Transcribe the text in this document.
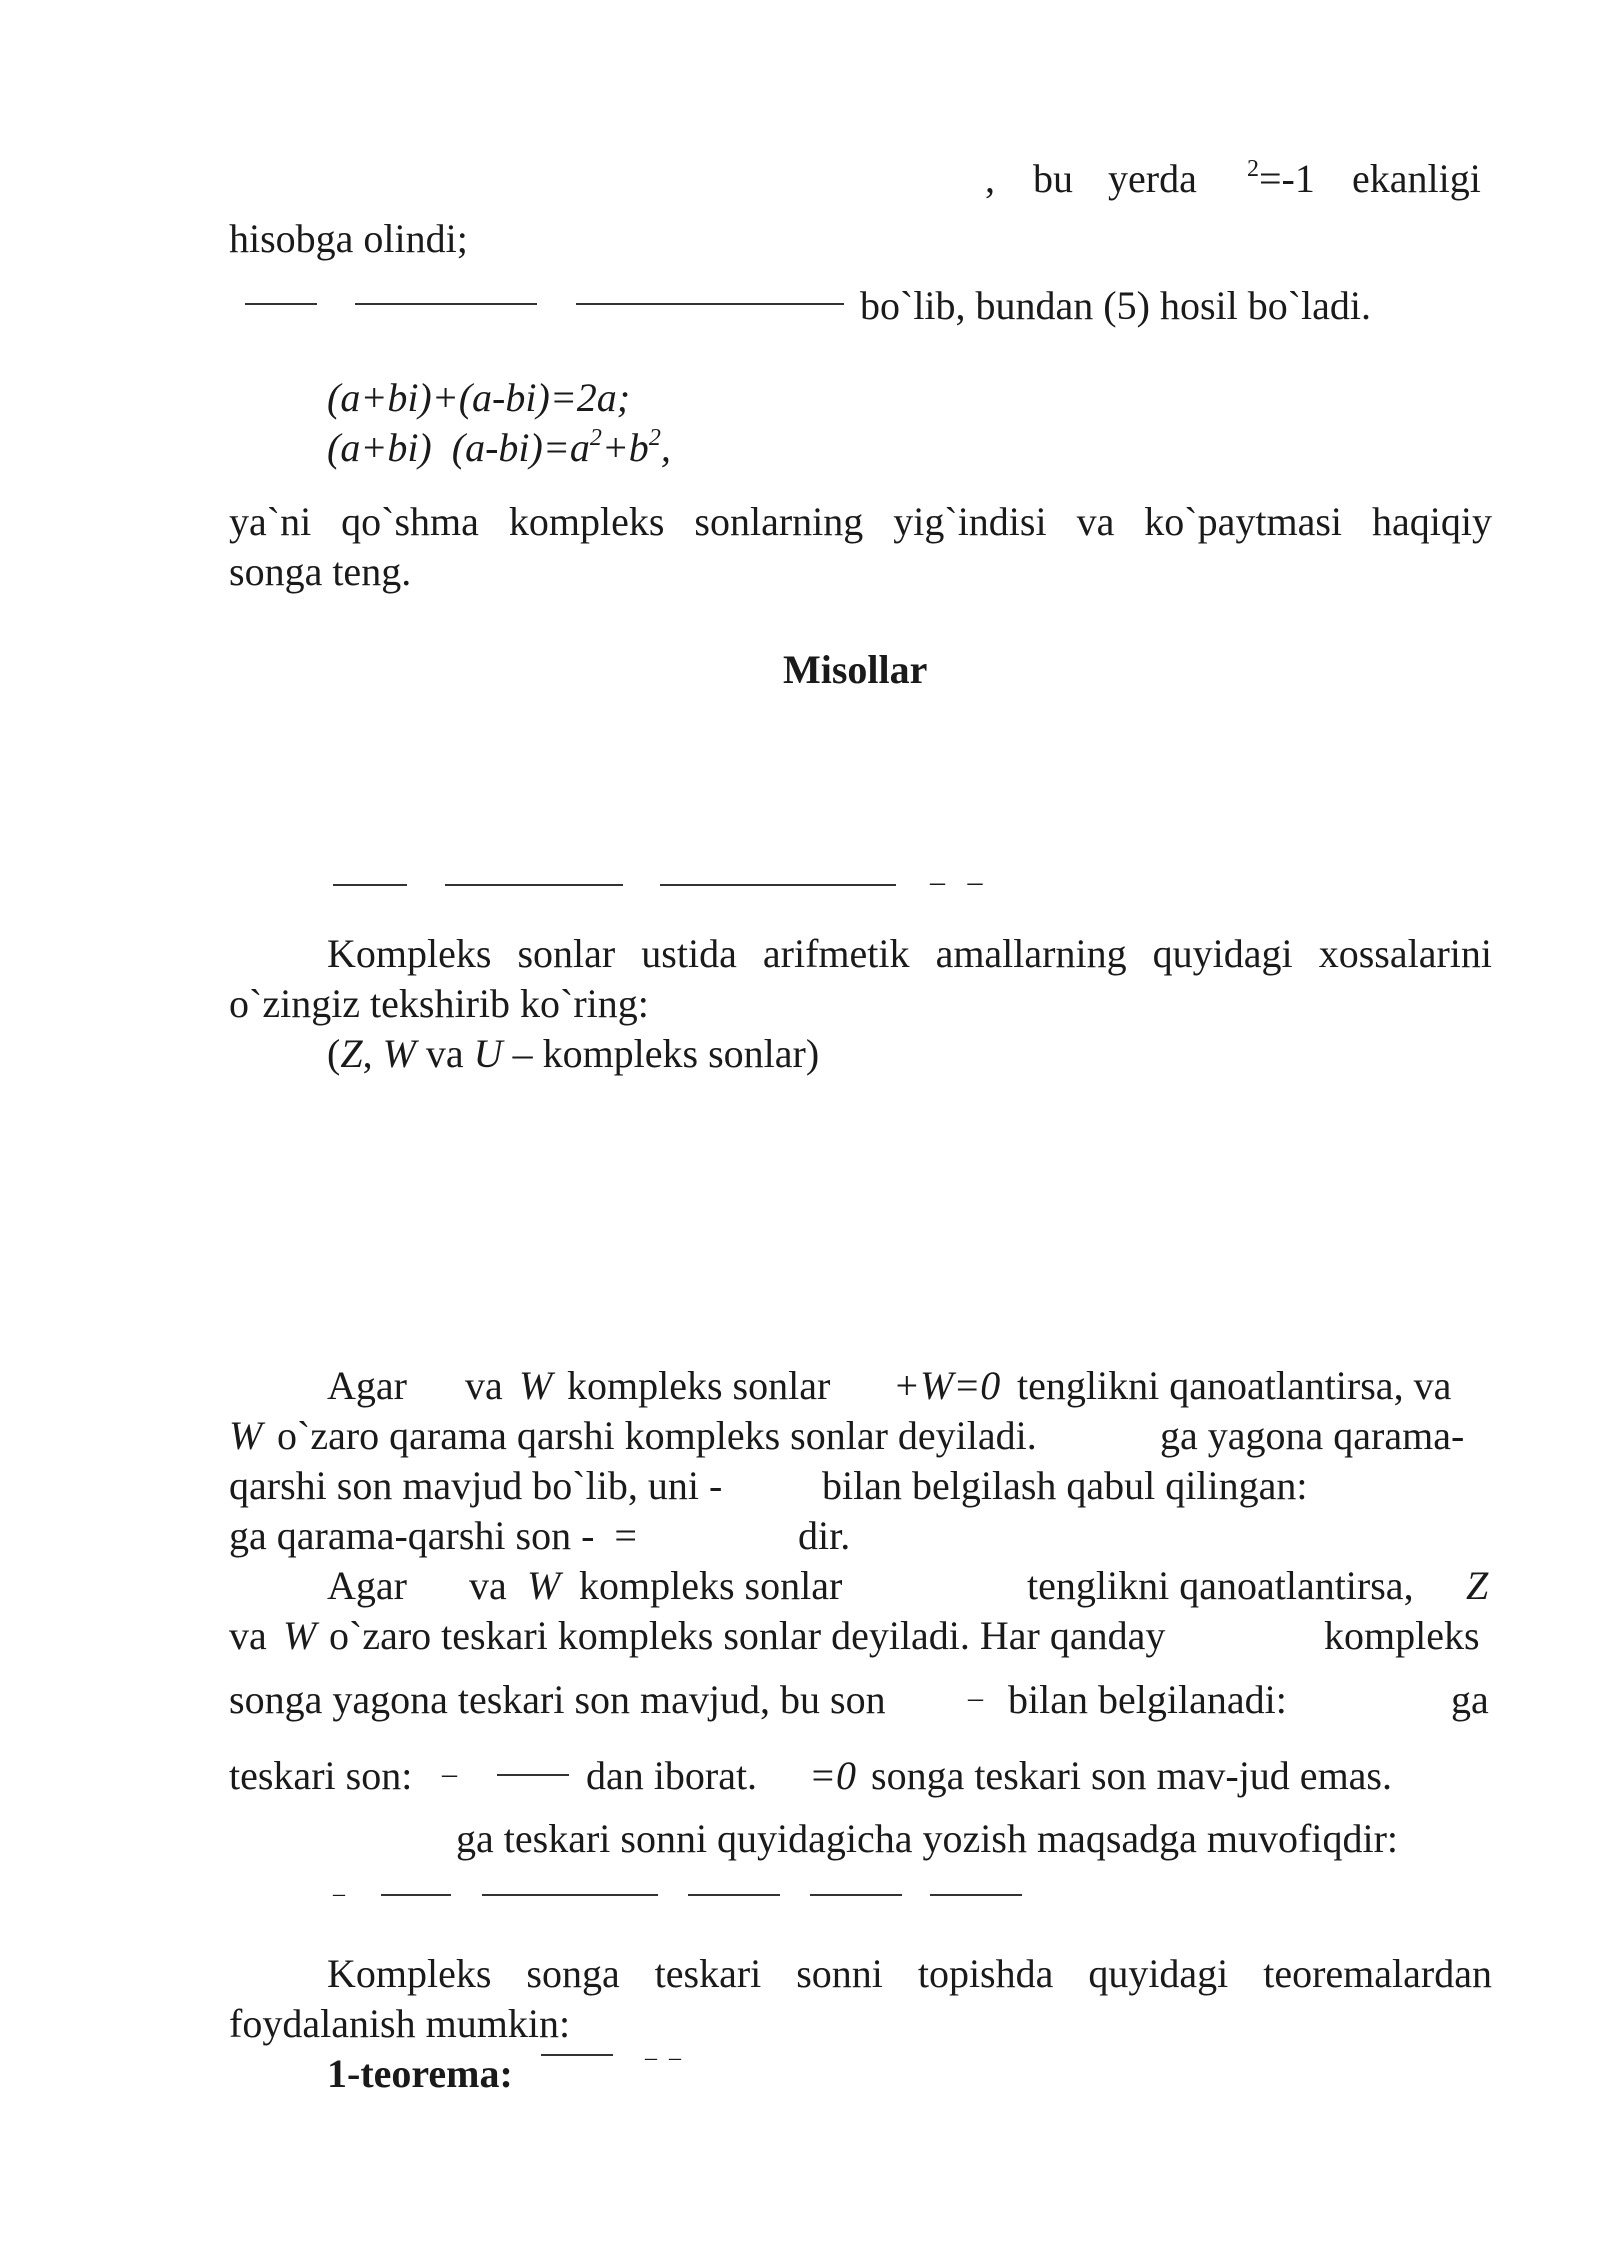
, bu yerda $^2$=-1 ekanligi
hisobga olindi;
bo`lib, bundan (5) hosil bo`ladi.
(a+bi)+(a-bi)=2a;
(a+bi)  $(a-bi)=a^2+b^2$,
ya`ni qo`shma kompleks sonlarning yig`indisi va ko`paytmasi haqiqiy
songa teng.
Misollar
–   –
Kompleks sonlar ustida arifmetik amallarning quyidagi xossalarini
o`zingiz tekshirib ko`ring:
(Z, W va U – kompleks sonlar)
Agar va W kompleks sonlar +W=0 tenglikni qanoatlantirsa, va
W o`zaro qarama qarshi kompleks sonlar deyiladi.	ga yagona qarama-
qarshi son mavjud bo`lib, uni - bilan belgilash qabul qilingan:
ga qarama-qarshi son -  =	dir.
Agar va W kompleks sonlar	tenglikni qanoatlantirsa, Z
va W o`zaro teskari kompleks sonlar deyiladi. Har qanday	kompleks
songa yagona teskari son mavjud, bu son	– bilan belgilanadi:	ga
teskari son: –	dan iborat. =0 songa teskari son mav-jud emas.
ga teskari sonni quyidagicha yozish maqsadga muvofiqdir:
–
Kompleks songa teskari sonni topishda quyidagi teoremalardan
foydalanish mumkin:
1-teorema:	–  –
